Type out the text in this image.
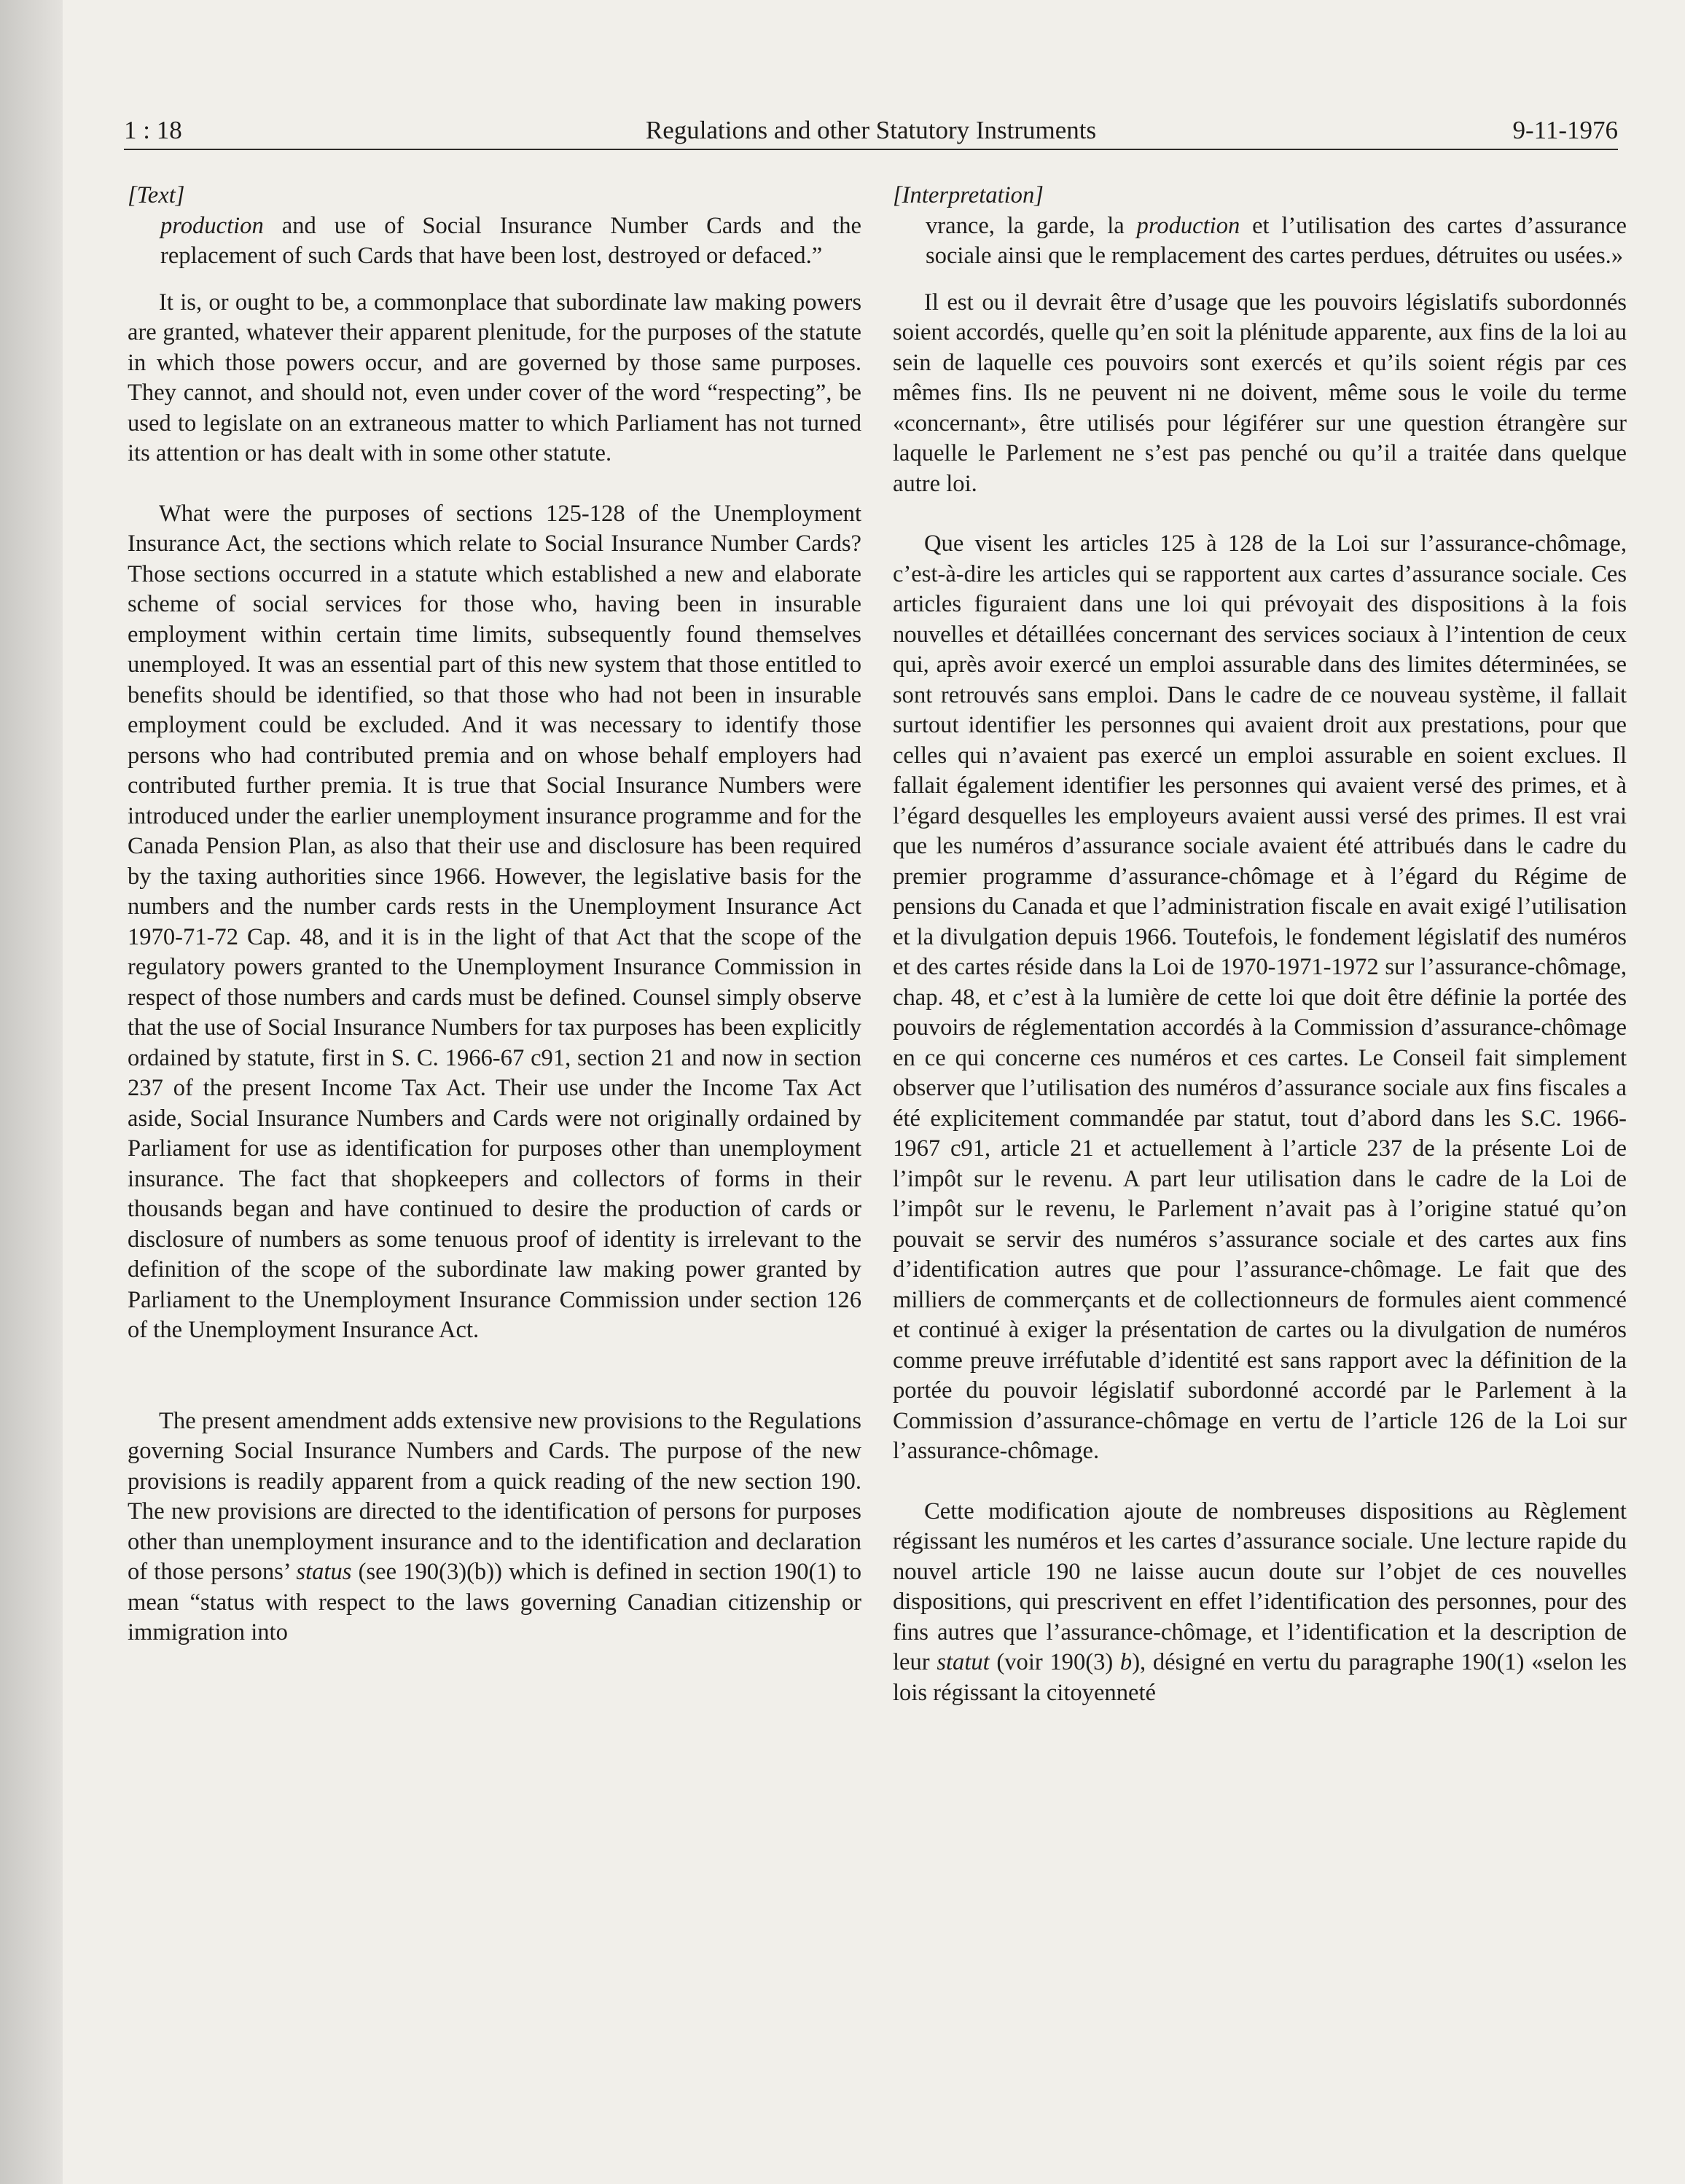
1 : 18	Regulations and other Statutory Instruments	9-11-1976

[Text]

production and use of Social Insurance Number Cards and the replacement of such Cards that have been lost, destroyed or defaced.”

It is, or ought to be, a commonplace that subordinate law making powers are granted, whatever their apparent plenitude, for the purposes of the statute in which those powers occur, and are governed by those same purposes. They cannot, and should not, even under cover of the word “respecting”, be used to legislate on an extraneous matter to which Parliament has not turned its attention or has dealt with in some other statute.

What were the purposes of sections 125-128 of the Unemployment Insurance Act, the sections which relate to Social Insurance Number Cards? Those sections occurred in a statute which established a new and elaborate scheme of social services for those who, having been in insurable employment within certain time limits, subsequently found themselves unemployed. It was an essential part of this new system that those entitled to benefits should be identified, so that those who had not been in insurable employment could be excluded. And it was necessary to identify those persons who had contributed premia and on whose behalf employers had contributed further premia. It is true that Social Insurance Numbers were introduced under the earlier unemployment insurance programme and for the Canada Pension Plan, as also that their use and disclosure has been required by the taxing authorities since 1966. However, the legislative basis for the numbers and the number cards rests in the Unemployment Insurance Act 1970-71-72 Cap. 48, and it is in the light of that Act that the scope of the regulatory powers granted to the Unemployment Insurance Commission in respect of those numbers and cards must be defined. Counsel simply observe that the use of Social Insurance Numbers for tax purposes has been explicitly ordained by statute, first in S. C. 1966-67 c91, section 21 and now in section 237 of the present Income Tax Act. Their use under the Income Tax Act aside, Social Insurance Numbers and Cards were not originally ordained by Parliament for use as identification for purposes other than unemployment insurance. The fact that shopkeepers and collectors of forms in their thousands began and have continued to desire the production of cards or disclosure of numbers as some tenuous proof of identity is irrelevant to the definition of the scope of the subordinate law making power granted by Parliament to the Unemployment Insurance Commission under section 126 of the Unemployment Insurance Act.

The present amendment adds extensive new provisions to the Regulations governing Social Insurance Numbers and Cards. The purpose of the new provisions is readily apparent from a quick reading of the new section 190. The new provisions are directed to the identification of persons for purposes other than unemployment insurance and to the identification and declaration of those persons’ status (see 190(3)(b)) which is defined in section 190(1) to mean “status with respect to the laws governing Canadian citizenship or immigration into

[Interpretation]

vrance, la garde, la production et l’utilisation des cartes d’assurance sociale ainsi que le remplacement des cartes perdues, détruites ou usées.»

Il est ou il devrait être d’usage que les pouvoirs législatifs subordonnés soient accordés, quelle qu’en soit la plénitude apparente, aux fins de la loi au sein de laquelle ces pouvoirs sont exercés et qu’ils soient régis par ces mêmes fins. Ils ne peuvent ni ne doivent, même sous le voile du terme «concernant», être utilisés pour légiférer sur une question étrangère sur laquelle le Parlement ne s’est pas penché ou qu’il a traitée dans quelque autre loi.

Que visent les articles 125 à 128 de la Loi sur l’assurance-chômage, c’est-à-dire les articles qui se rapportent aux cartes d’assurance sociale. Ces articles figuraient dans une loi qui prévoyait des dispositions à la fois nouvelles et détaillées concernant des services sociaux à l’intention de ceux qui, après avoir exercé un emploi assurable dans des limites déterminées, se sont retrouvés sans emploi. Dans le cadre de ce nouveau système, il fallait surtout identifier les personnes qui avaient droit aux prestations, pour que celles qui n’avaient pas exercé un emploi assurable en soient exclues. Il fallait également identifier les personnes qui avaient versé des primes, et à l’égard desquelles les employeurs avaient aussi versé des primes. Il est vrai que les numéros d’assurance sociale avaient été attribués dans le cadre du premier programme d’assurance-chômage et à l’égard du Régime de pensions du Canada et que l’administration fiscale en avait exigé l’utilisation et la divulgation depuis 1966. Toutefois, le fondement législatif des numéros et des cartes réside dans la Loi de 1970-1971-1972 sur l’assurance-chômage, chap. 48, et c’est à la lumière de cette loi que doit être définie la portée des pouvoirs de réglementation accordés à la Commission d’assurance-chômage en ce qui concerne ces numéros et ces cartes. Le Conseil fait simplement observer que l’utilisation des numéros d’assurance sociale aux fins fiscales a été explicitement commandée par statut, tout d’abord dans les S.C. 1966-1967 c91, article 21 et actuellement à l’article 237 de la présente Loi de l’impôt sur le revenu. A part leur utilisation dans le cadre de la Loi de l’impôt sur le revenu, le Parlement n’avait pas à l’origine statué qu’on pouvait se servir des numéros s’assurance sociale et des cartes aux fins d’identification autres que pour l’assurance-chômage. Le fait que des milliers de commerçants et de collectionneurs de formules aient commencé et continué à exiger la présentation de cartes ou la divulgation de numéros comme preuve irréfutable d’identité est sans rapport avec la définition de la portée du pouvoir législatif subordonné accordé par le Parlement à la Commission d’assurance-chômage en vertu de l’article 126 de la Loi sur l’assurance-chômage.

Cette modification ajoute de nombreuses dispositions au Règlement régissant les numéros et les cartes d’assurance sociale. Une lecture rapide du nouvel article 190 ne laisse aucun doute sur l’objet de ces nouvelles dispositions, qui prescrivent en effet l’identification des personnes, pour des fins autres que l’assurance-chômage, et l’identification et la description de leur statut (voir 190(3) b), désigné en vertu du paragraphe 190(1) «selon les lois régissant la citoyenneté
